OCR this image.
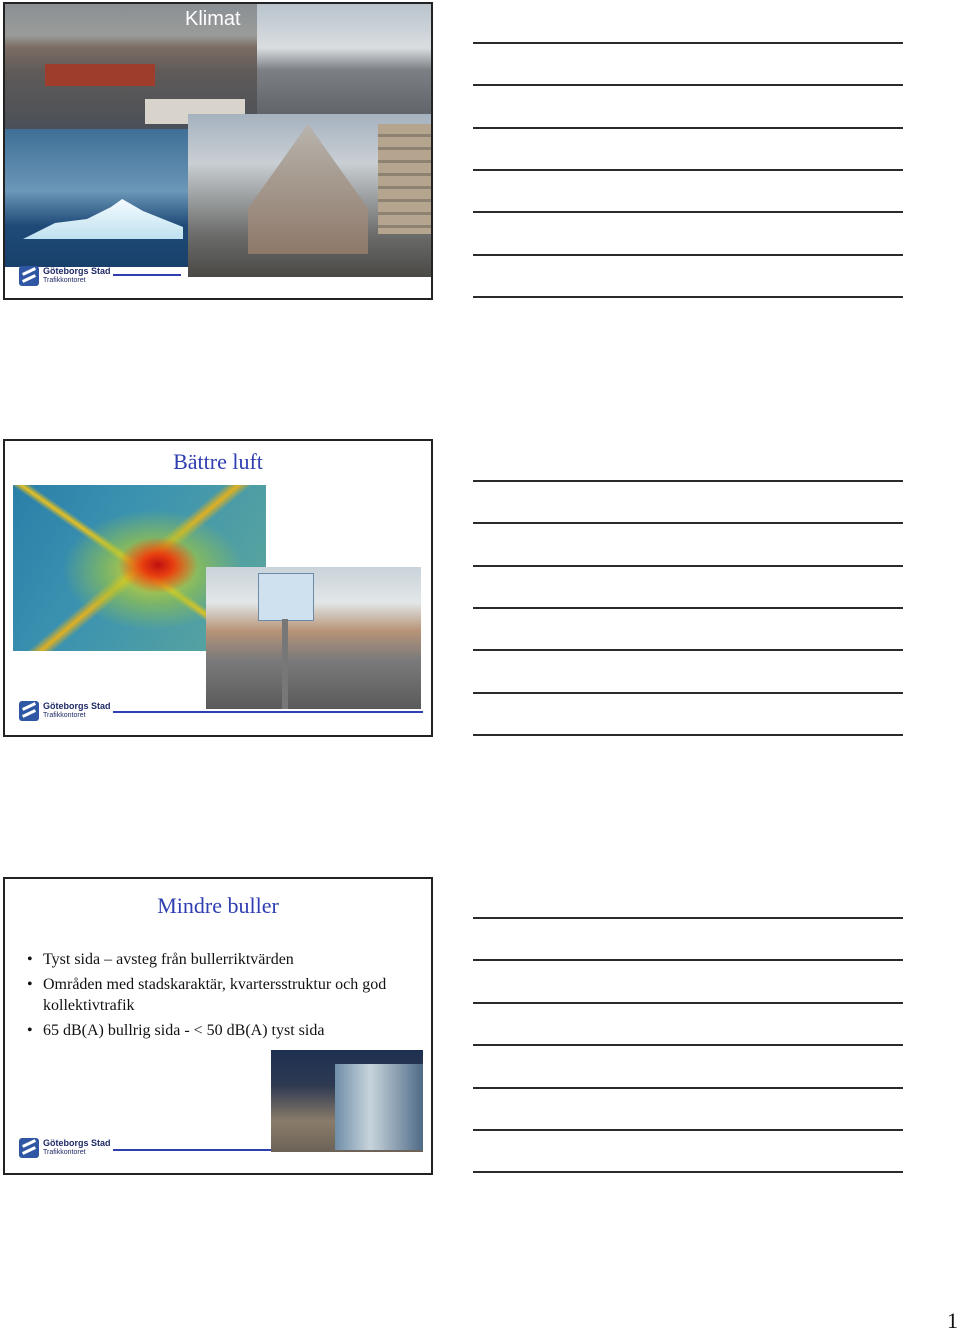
Klimat
Göteborgs Stad
Trafikkontoret
Bättre luft
Göteborgs Stad
Trafikkontoret
Mindre buller
• Tyst sida – avsteg från bullerriktvärden
• Områden med stadskaraktär, kvartersstruktur och god kollektivtrafik
• 65 dB(A) bullrig sida - < 50 dB(A) tyst sida
Göteborgs Stad
Trafikkontoret
1
